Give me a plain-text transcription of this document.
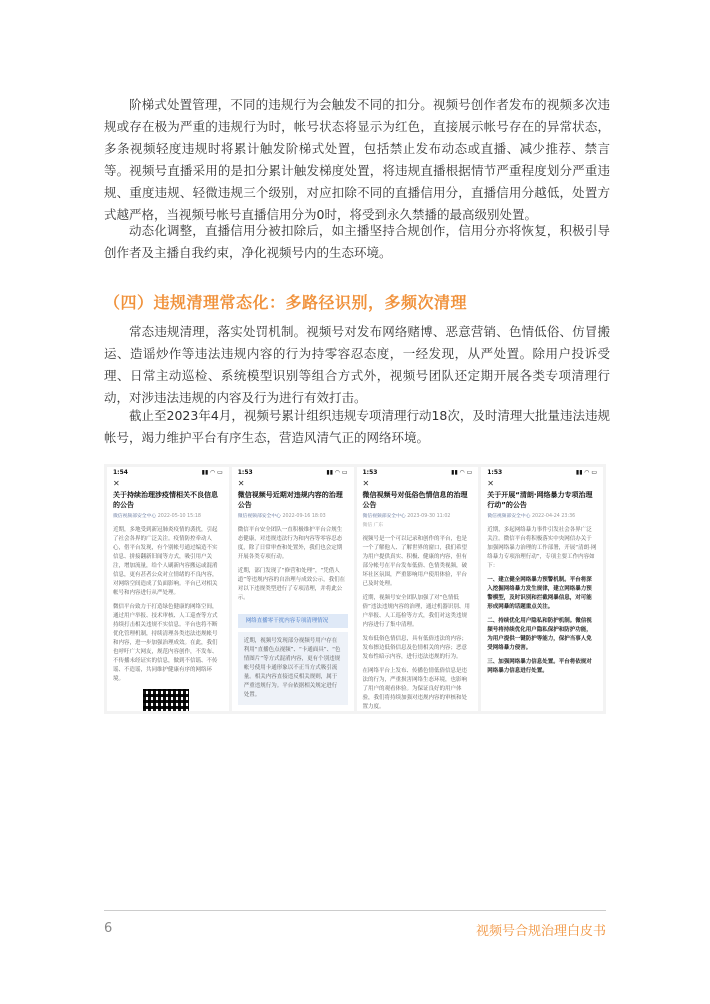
阶梯式处置管理，不同的违规行为会触发不同的扣分。视频号创作者发布的视频多次违规或存在极为严重的违规行为时，帐号状态将显示为红色，直接展示帐号存在的异常状态，多条视频轻度违规时将累计触发阶梯式处置，包括禁止发布动态或直播、减少推荐、禁言等。视频号直播采用的是扣分累计触发梯度处置，将违规直播根据情节严重程度划分严重违规、重度违规、轻微违规三个级别，对应扣除不同的直播信用分，直播信用分越低，处置方式越严格，当视频号帐号直播信用分为0时，将受到永久禁播的最高级别处置。

动态化调整，直播信用分被扣除后，如主播坚持合规创作，信用分亦将恢复，积极引导创作者及主播自我约束，净化视频号内的生态环境。

（四）违规清理常态化：多路径识别，多频次清理

常态违规清理，落实处罚机制。视频号对发布网络赌博、恶意营销、色情低俗、仿冒搬运、造谣炒作等违法违规内容的行为持零容忍态度，一经发现，从严处置。除用户投诉受理、日常主动巡检、系统模型识别等组合方式外，视频号团队还定期开展各类专项清理行动，对涉违法违规的内容及行为进行有效打击。

截止至2023年4月，视频号累计组织违规专项清理行动18次，及时清理大批量违法违规帐号，竭力维护平台有序生态，营造风清气正的网络环境。

1:54	▮▮ ◠ ▭
✕
关于持续治理涉疫情相关不良信息的公告
微信视频部安全中心 2022-05-10 15:18

近期，多地受到新冠肺炎疫情的袭扰，引起了社会各界的广泛关注。疫情防控牵动人心，借平台发现，有个别帐号通过编造不实信息、拼接翻新旧闻等方式，吸引用户关注，增加流量，给个人刷新内容搬运或混淆信息，更有甚者公众对立情绪的不良内容，对网络空间造成了负面影响。平台已对相关帐号和内容进行从严处理。

微信平台致力于打造绿色健康的网络空间，通过用户举报、技术审核、人工巡查等方式持续打击相关违规不实信息。平台也将不断优化管理机制，持续清理各类违法违规帐号和内容，进一步加强治理成效。在此，我们也呼吁广大网友，规范内容创作，不发布、不传播未经证实的信息，做到不信谣、不传谣、不造谣，共同维护健康有序的网络环境。

1:53	▮▮ ◠ ▭
✕
微信视频号近期对违规内容的治理公告
微信视频部安全中心 2022-09-16 18:03

微信平台安全团队一直积极维护平台合规生态健康，对违规违法行为和内容等零容忍态度，除了日常审查和处置外，我们也会定期开展各类专项行动。

近期，部门发现了“修营和处理”，“凭借人道”等违规内容的自治理与成效公示，我们在对以下违规类型进行了专项清理，并将此公示。

网络直播零干扰内容专项清理情况
近期，视频号发现部分视频号用户存在利用“直播色点视频”、“卡通面具”、“色情图片”等方式混淆内容，更有个别违规帐号使用卡通形象以不正当方式吸引流量。相关内容直接违反相关规则，属于严重违规行为。平台依据相关规定进行处置。
1:53	▮▮ ◠ ▭
✕
微信视频号对低俗色情信息的治理公告
微信视频部安全中心 2023-09-30 11:02
微信 广东

视频号是一个可以记录和创作的平台，也是一个了解他人、了解世界的窗口，我们希望为用户提供真实、积极、健康的内容，但有部分帐号在平台发布低俗、色情类视频，破坏社区氛围，严重影响用户使用体验，平台已及时处理。

近期，视频号安全团队加强了对“色情低俗”违法违规内容的治理，通过机器识别、用户举报、人工巡检等方式，我们对这类违规内容进行了集中清理。

发布低俗色情信息，具有低俗违法的内容；发布擦边低俗信息及色情相关的内容；恶意发布性暗示内容，进行违法违规的行为。

在网络平台上发布、传播色情低俗信息是违法的行为，严重损害网络生态环境，也影响了用户的观看体验。为保证良好的用户体验，我们将持续加强对违规内容的审核和处置力度。

1:53	▮▮ ◠ ▭
✕
关于开展“清朗·网络暴力专项治理行动”的公告
微信视频部安全中心 2022-04-24 23:36

近期，多起网络暴力事件引发社会各界广泛关注。微信平台将积极落实中央网信办关于加强网络暴力治理的工作部署，开展“清朗·网络暴力专项治理行动”，专项主要工作内容如下：

一、建立健全网络暴力预警机制。平台将深入挖掘网络暴力发生规律，建立网络暴力预警模型，及时识别和拦截网暴信息，对可能形成网暴的话题重点关注。

二、持续优化用户隐私和防护机制。微信视频号将持续优化用户隐私保护和防护功能，为用户提供一键防护等能力，保护当事人免受网络暴力侵害。

三、加强网络暴力信息处置。平台将依规对网络暴力信息进行处置。

6	视频号合规治理白皮书
